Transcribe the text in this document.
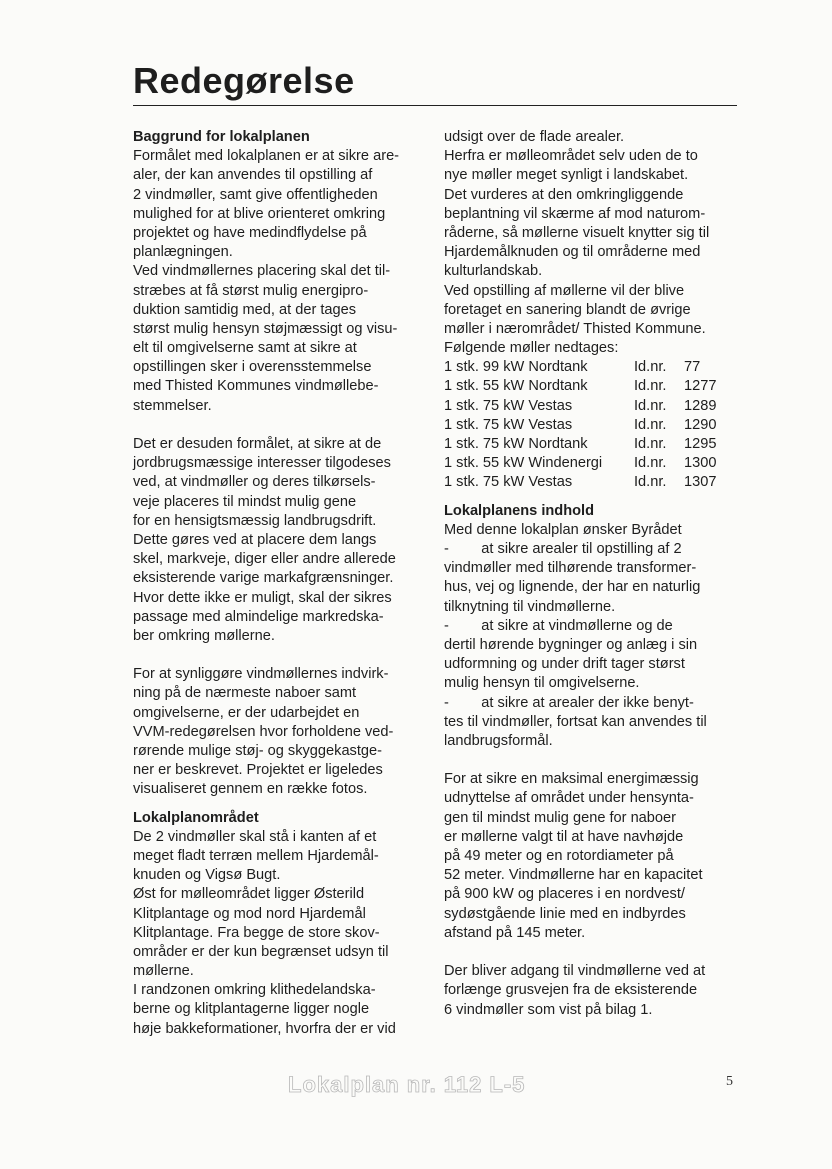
Redegørelse
Baggrund for lokalplanen
Formålet med lokalplanen er at sikre are-
aler, der kan anvendes til opstilling af
2 vindmøller, samt give offentligheden
mulighed for at blive orienteret omkring
projektet og have medindflydelse på
planlægningen.
Ved vindmøllernes placering skal det til-
stræbes at få størst mulig energipro-
duktion samtidig med, at der tages
størst mulig hensyn støjmæssigt og visu-
elt til omgivelserne samt at sikre at
opstillingen sker i overensstemmelse
med Thisted Kommunes vindmøllebe-
stemmelser.
Det er desuden formålet, at sikre at de
jordbrugsmæssige interesser tilgodeses
ved, at vindmøller og deres tilkørsels-
veje placeres til mindst mulig gene
for en hensigtsmæssig landbrugsdrift.
Dette gøres ved at placere dem langs
skel, markveje, diger eller andre allerede
eksisterende varige markafgrænsninger.
Hvor dette ikke er muligt, skal der sikres
passage med almindelige markredska-
ber omkring møllerne.
For at synliggøre vindmøllernes indvirk-
ning på de nærmeste naboer samt
omgivelserne, er der udarbejdet en
VVM-redegørelsen hvor forholdene ved-
rørende mulige støj- og skyggekastge-
ner er beskrevet. Projektet er ligeledes
visualiseret gennem en række fotos.
Lokalplanområdet
De 2 vindmøller skal stå i kanten af et
meget fladt terræn mellem Hjardemål-
knuden og Vigsø Bugt.
Øst for mølleområdet ligger Østerild
Klitplantage og mod nord Hjardemål
Klitplantage. Fra begge de store skov-
områder er der kun begrænset udsyn til
møllerne.
I randzonen omkring klithedelandska-
berne og klitplantagerne ligger nogle
høje bakkeformationer, hvorfra der er vid
udsigt over de flade arealer.
Herfra er mølleområdet selv uden de to
nye møller meget synligt i landskabet.
Det vurderes at den omkringliggende
beplantning vil skærme af mod naturom-
råderne, så møllerne visuelt knytter sig til
Hjardemålknuden og til områderne med
kulturlandskab.
Ved opstilling af møllerne vil der blive
foretaget en sanering blandt de øvrige
møller i nærområdet/ Thisted Kommune.
Følgende møller nedtages:
1 stk. 99 kW Nordtank	Id.nr.	77
1 stk. 55 kW Nordtank	Id.nr.	1277
1 stk. 75 kW Vestas	Id.nr.	1289
1 stk. 75 kW Vestas	Id.nr.	1290
1 stk. 75 kW Nordtank	Id.nr.	1295
1 stk. 55 kW Windenergi	Id.nr.	1300
1 stk. 75 kW Vestas	Id.nr.	1307
Lokalplanens indhold
Med denne lokalplan ønsker Byrådet
-        at sikre arealer til opstilling af 2
vindmøller med tilhørende transformer-
hus, vej og lignende, der har en naturlig
tilknytning til vindmøllerne.
-        at sikre at vindmøllerne og de
dertil hørende bygninger og anlæg i sin
udformning og under drift tager størst
mulig hensyn til omgivelserne.
-        at sikre at arealer der ikke benyt-
tes til vindmøller, fortsat kan anvendes til
landbrugsformål.
For at sikre en maksimal energimæssig
udnyttelse af området under hensynta-
gen til mindst mulig gene for naboer
er møllerne valgt til at have navhøjde
på 49 meter og en rotordiameter på
52 meter. Vindmøllerne har en kapacitet
på 900 kW og placeres i en nordvest/
sydøstgående linie med en indbyrdes
afstand på 145 meter.
Der bliver adgang til vindmøllerne ved at
forlænge grusvejen fra de eksisterende
6 vindmøller som vist på bilag 1.
Lokalplan nr. 112 L-5	5
